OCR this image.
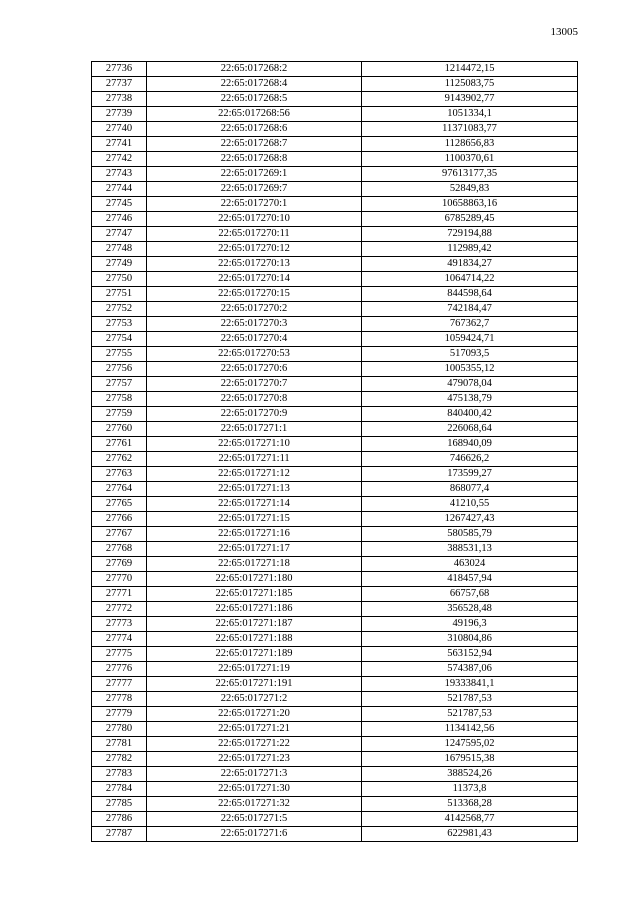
13005
27736	22:65:017268:2	1214472,15
27737	22:65:017268:4	1125083,75
27738	22:65:017268:5	9143902,77
27739	22:65:017268:56	1051334,1
27740	22:65:017268:6	11371083,77
27741	22:65:017268:7	1128656,83
27742	22:65:017268:8	1100370,61
27743	22:65:017269:1	97613177,35
27744	22:65:017269:7	52849,83
27745	22:65:017270:1	10658863,16
27746	22:65:017270:10	6785289,45
27747	22:65:017270:11	729194,88
27748	22:65:017270:12	112989,42
27749	22:65:017270:13	491834,27
27750	22:65:017270:14	1064714,22
27751	22:65:017270:15	844598,64
27752	22:65:017270:2	742184,47
27753	22:65:017270:3	767362,7
27754	22:65:017270:4	1059424,71
27755	22:65:017270:53	517093,5
27756	22:65:017270:6	1005355,12
27757	22:65:017270:7	479078,04
27758	22:65:017270:8	475138,79
27759	22:65:017270:9	840400,42
27760	22:65:017271:1	226068,64
27761	22:65:017271:10	168940,09
27762	22:65:017271:11	746626,2
27763	22:65:017271:12	173599,27
27764	22:65:017271:13	868077,4
27765	22:65:017271:14	41210,55
27766	22:65:017271:15	1267427,43
27767	22:65:017271:16	580585,79
27768	22:65:017271:17	388531,13
27769	22:65:017271:18	463024
27770	22:65:017271:180	418457,94
27771	22:65:017271:185	66757,68
27772	22:65:017271:186	356528,48
27773	22:65:017271:187	49196,3
27774	22:65:017271:188	310804,86
27775	22:65:017271:189	563152,94
27776	22:65:017271:19	574387,06
27777	22:65:017271:191	19333841,1
27778	22:65:017271:2	521787,53
27779	22:65:017271:20	521787,53
27780	22:65:017271:21	1134142,56
27781	22:65:017271:22	1247595,02
27782	22:65:017271:23	1679515,38
27783	22:65:017271:3	388524,26
27784	22:65:017271:30	11373,8
27785	22:65:017271:32	513368,28
27786	22:65:017271:5	4142568,77
27787	22:65:017271:6	622981,43
